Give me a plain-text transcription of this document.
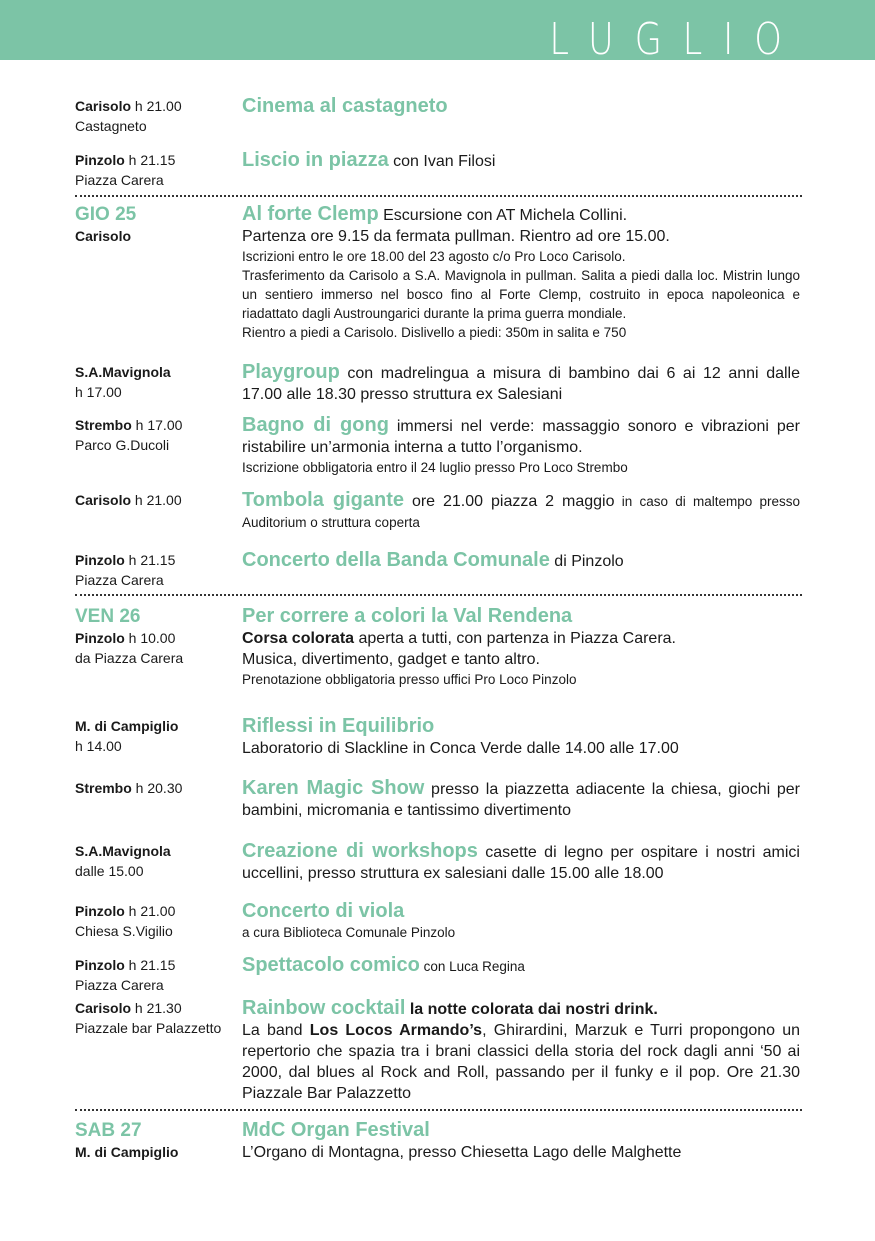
LUGLIO
Carisolo h 21.00
Castagneto
Cinema al castagneto
Pinzolo h 21.15
Piazza Carera
Liscio in piazza con Ivan Filosi
GIO 25
Carisolo
Al forte Clemp Escursione con AT Michela Collini.
Partenza ore 9.15 da fermata pullman. Rientro ad ore 15.00.
Iscrizioni entro le ore 18.00 del 23 agosto c/o Pro Loco Carisolo.
Trasferimento da Carisolo a S.A. Mavignola in pullman. Salita a piedi dalla loc. Mistrin lungo un sentiero immerso nel bosco fino al Forte Clemp, costruito in epoca napoleonica e riadattato dagli Austroungarici durante la prima guerra mondiale.
Rientro a piedi a Carisolo. Dislivello a piedi: 350m in salita e 750
S.A.Mavignola
h 17.00
Playgroup con madrelingua a misura di bambino dai 6 ai 12 anni dalle 17.00 alle 18.30 presso struttura ex Salesiani
Strembo h 17.00
Parco G.Ducoli
Bagno di gong immersi nel verde: massaggio sonoro e vibrazioni per ristabilire un’armonia interna a tutto l’organismo.
Iscrizione obbligatoria entro il 24 luglio presso Pro Loco Strembo
Carisolo h 21.00	Tombola gigante ore 21.00 piazza 2 maggio in caso di maltempo presso Auditorium o struttura coperta
Pinzolo h 21.15
Piazza Carera
Concerto della Banda Comunale di Pinzolo
VEN 26
Pinzolo h 10.00
da Piazza Carera
Per correre a colori la Val Rendena
Corsa colorata aperta a tutti, con partenza in Piazza Carera.
Musica, divertimento, gadget e tanto altro.
Prenotazione obbligatoria presso uffici Pro Loco Pinzolo
M. di Campiglio
h 14.00
Riflessi in Equilibrio
Laboratorio di Slackline in Conca Verde dalle 14.00 alle 17.00
Strembo h 20.30	Karen Magic Show presso la piazzetta adiacente la chiesa, giochi per bambini, micromania e tantissimo divertimento
S.A.Mavignola
dalle 15.00
Creazione di workshops casette di legno per ospitare i nostri amici uccellini, presso struttura ex salesiani dalle 15.00 alle 18.00
Pinzolo h 21.00
Chiesa S.Vigilio
Concerto di viola
a cura Biblioteca Comunale Pinzolo
Pinzolo h 21.15
Piazza Carera
Spettacolo comico con Luca Regina
Carisolo h 21.30
Piazzale bar Palazzetto
Rainbow cocktail la notte colorata dai nostri drink.
La band Los Locos Armando’s, Ghirardini, Marzuk e Turri propongono un repertorio che spazia tra i brani classici della storia del rock dagli anni ‘50 ai 2000, dal blues al Rock and Roll, passando per il funky e il pop. Ore 21.30 Piazzale Bar Palazzetto
SAB 27
M. di Campiglio
MdC Organ Festival
L’Organo di Montagna, presso Chiesetta Lago delle Malghette
